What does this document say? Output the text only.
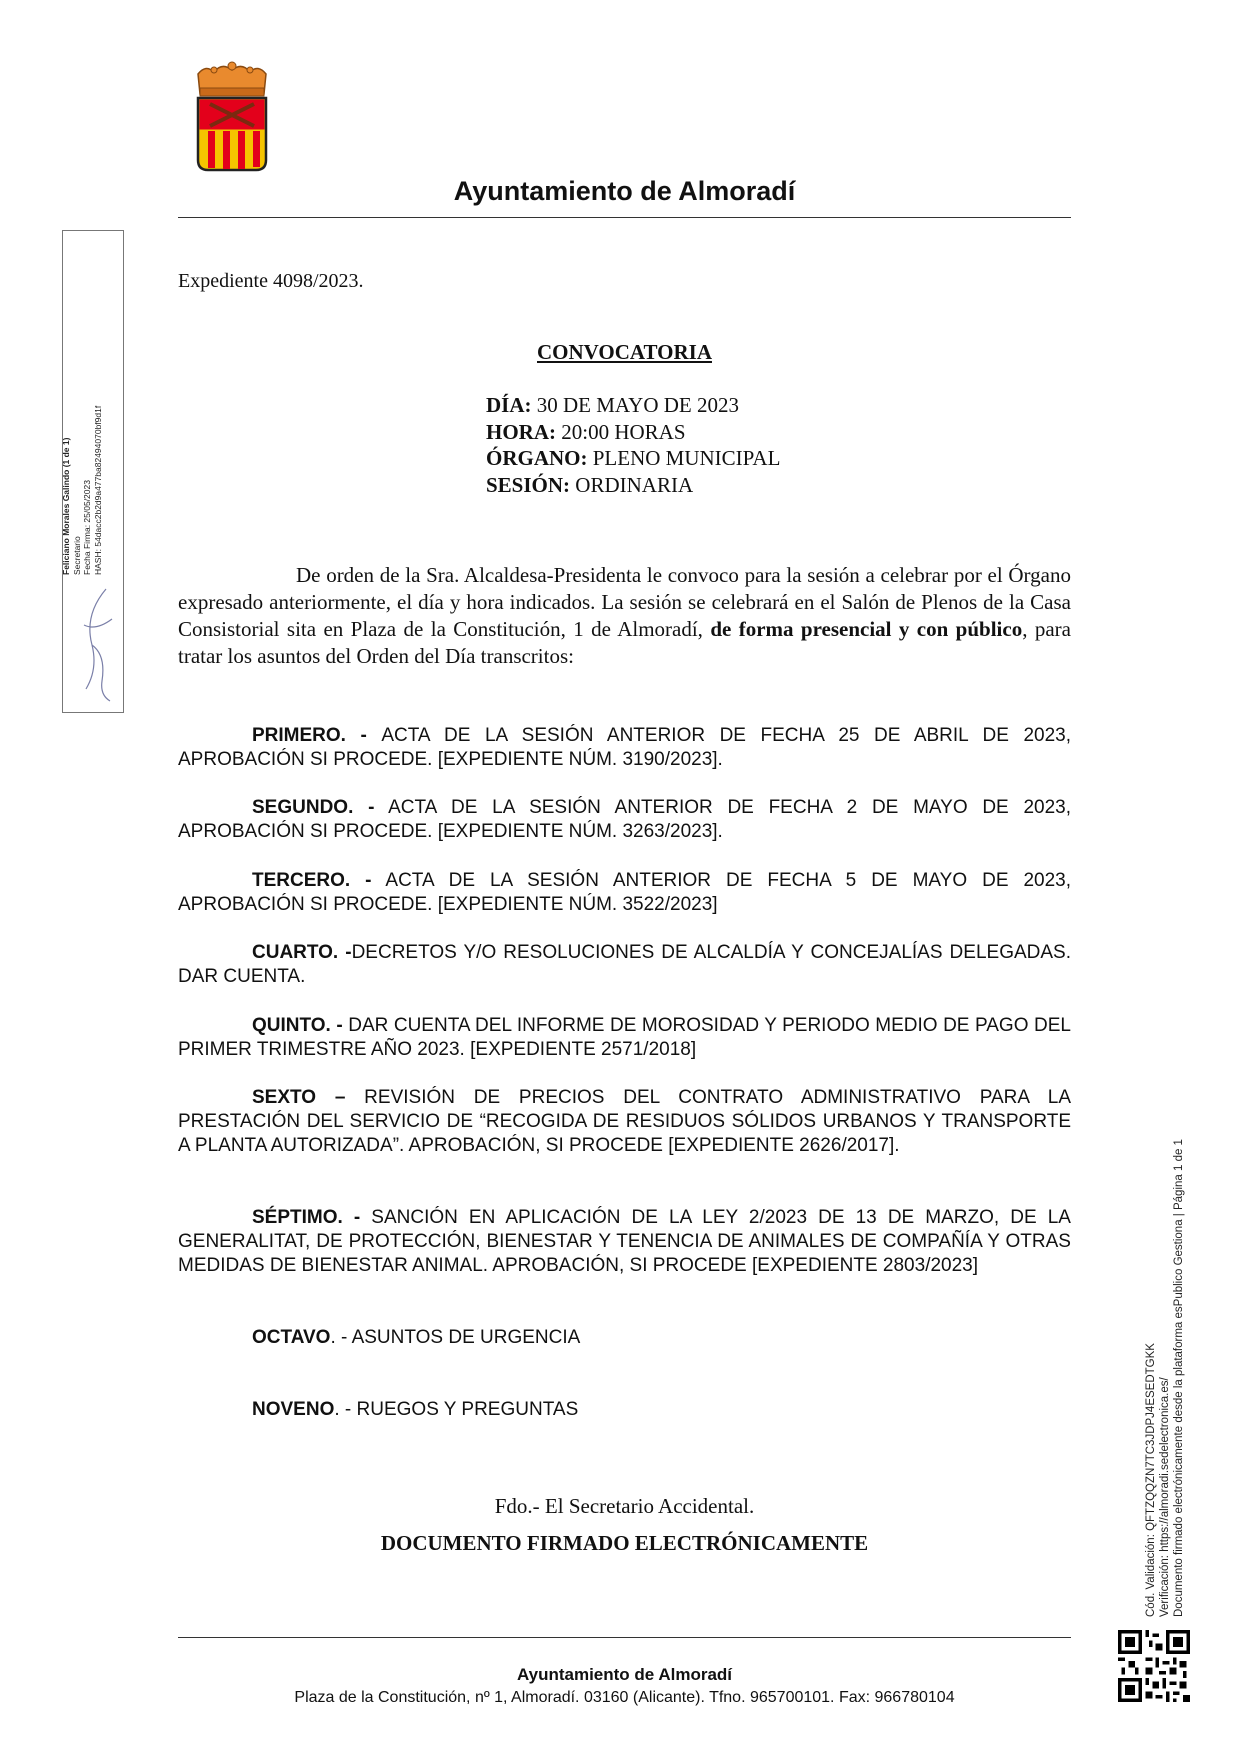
Ayuntamiento de Almoradí
Expediente 4098/2023.
CONVOCATORIA
DÍA: 30 DE MAYO DE 2023
HORA: 20:00 HORAS
ÓRGANO: PLENO MUNICIPAL
SESIÓN: ORDINARIA
De orden de la Sra. Alcaldesa-Presidenta le convoco para la sesión a celebrar por el Órgano expresado anteriormente, el día y hora indicados. La sesión se celebrará en el Salón de Plenos de la Casa Consistorial sita en Plaza de la Constitución, 1 de Almoradí, de forma presencial y con público, para tratar los asuntos del Orden del Día transcritos:
PRIMERO. - ACTA DE LA SESIÓN ANTERIOR DE FECHA 25 DE ABRIL DE 2023, APROBACIÓN SI PROCEDE. [EXPEDIENTE NÚM. 3190/2023].
SEGUNDO. - ACTA DE LA SESIÓN ANTERIOR DE FECHA 2 DE MAYO DE 2023, APROBACIÓN SI PROCEDE. [EXPEDIENTE NÚM. 3263/2023].
TERCERO. - ACTA DE LA SESIÓN ANTERIOR DE FECHA 5 DE MAYO DE 2023, APROBACIÓN SI PROCEDE. [EXPEDIENTE NÚM. 3522/2023]
CUARTO. -DECRETOS Y/O RESOLUCIONES DE ALCALDÍA Y CONCEJALÍAS DELEGADAS. DAR CUENTA.
QUINTO. - DAR CUENTA DEL INFORME DE MOROSIDAD Y PERIODO MEDIO DE PAGO DEL PRIMER TRIMESTRE AÑO 2023. [EXPEDIENTE 2571/2018]
SEXTO – REVISIÓN DE PRECIOS DEL CONTRATO ADMINISTRATIVO PARA LA PRESTACIÓN DEL SERVICIO DE “RECOGIDA DE RESIDUOS SÓLIDOS URBANOS Y TRANSPORTE A PLANTA AUTORIZADA”. APROBACIÓN, SI PROCEDE [EXPEDIENTE 2626/2017].
SÉPTIMO. - SANCIÓN EN APLICACIÓN DE LA LEY 2/2023 DE 13 DE MARZO, DE LA GENERALITAT, DE PROTECCIÓN, BIENESTAR Y TENENCIA DE ANIMALES DE COMPAÑÍA Y OTRAS MEDIDAS DE BIENESTAR ANIMAL. APROBACIÓN, SI PROCEDE [EXPEDIENTE 2803/2023]
OCTAVO. - ASUNTOS DE URGENCIA
NOVENO. - RUEGOS Y PREGUNTAS
Fdo.- El Secretario Accidental.
DOCUMENTO FIRMADO ELECTRÓNICAMENTE
Ayuntamiento de Almoradí
Plaza de la Constitución, nº 1, Almoradí. 03160 (Alicante). Tfno. 965700101. Fax: 966780104
Feliciano Morales Galindo (1 de 1) Secretario Fecha Firma: 25/05/2023 HASH: 54dacc2b2d9a477ba82494070bf9d1f
Cód. Validación: QFTZQQZN7TC3JDPJ4ESEDTGKK Verificación: https://almoradi.sedelectronica.es/ Documento firmado electrónicamente desde la plataforma esPublico Gestiona | Página 1 de 1
